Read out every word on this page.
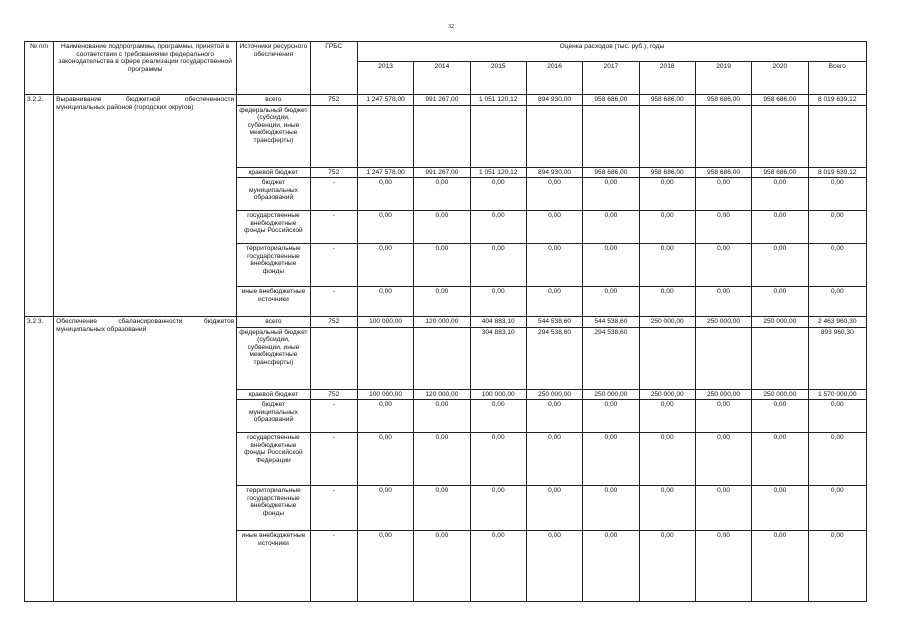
32
№ п/п	Наименование подпрограммы, программы, принятой в соответствии с требованиями федерального законодательства в сфере реализации государственной программы	Источники ресурсного обеспечения	ГРБС	Оценка расходов (тыс. руб.), годы								
				2013	2014	2015	2016	2017	2018	2019	2020	Всего
3.2.2.	Выравнивание бюджетной обеспеченности муниципальных районов (городских округов)	всего	752	1 247 578,00	991 267,00	1 051 120,12	894 930,00	958 686,00	958 686,00	958 686,00	958 686,00	8 019 639,12
		федеральный бюджет (субсидии, субвенции, иные межбюджетные трансферты)										
		краевой бюджет	752	1 247 578,00	991 267,00	1 051 120,12	894 930,00	958 686,00	958 686,00	958 686,00	958 686,00	8 019 639,12
		бюджет муниципальных образований	-	0,00	0,00	0,00	0,00	0,00	0,00	0,00	0,00	0,00
		государственные внебюджетные фонды Российской	-	0,00	0,00	0,00	0,00	0,00	0,00	0,00	0,00	0,00
		территориальные государственные внебюджетные фонды	-	0,00	0,00	0,00	0,00	0,00	0,00	0,00	0,00	0,00
		иные внебюджетные источники	-	0,00	0,00	0,00	0,00	0,00	0,00	0,00	0,00	0,00
3.2.3.	Обеспечение сбалансированности бюджетов муниципальных образований	всего	752	100 000,00	120 000,00	404 883,10	544 538,60	544 538,60	250 000,00	250 000,00	250 000,00	2 463 960,30
		федеральный бюджет (субсидии, субвенции, иные межбюджетные трансферты)				304 883,10	294 538,60	294 538,60				893 960,30
		краевой бюджет	752	100 000,00	120 000,00	100 000,00	250 000,00	250 000,00	250 000,00	250 000,00	250 000,00	1 570 000,00
		бюджет муниципальных образований	-	0,00	0,00	0,00	0,00	0,00	0,00	0,00	0,00	0,00
		государственные внебюджетные фонды Российской Федерации	-	0,00	0,00	0,00	0,00	0,00	0,00	0,00	0,00	0,00
		территориальные государственные внебюджетные фонды	-	0,00	0,00	0,00	0,00	0,00	0,00	0,00	0,00	0,00
		иные внебюджетные источники	-	0,00	0,00	0,00	0,00	0,00	0,00	0,00	0,00	0,00
